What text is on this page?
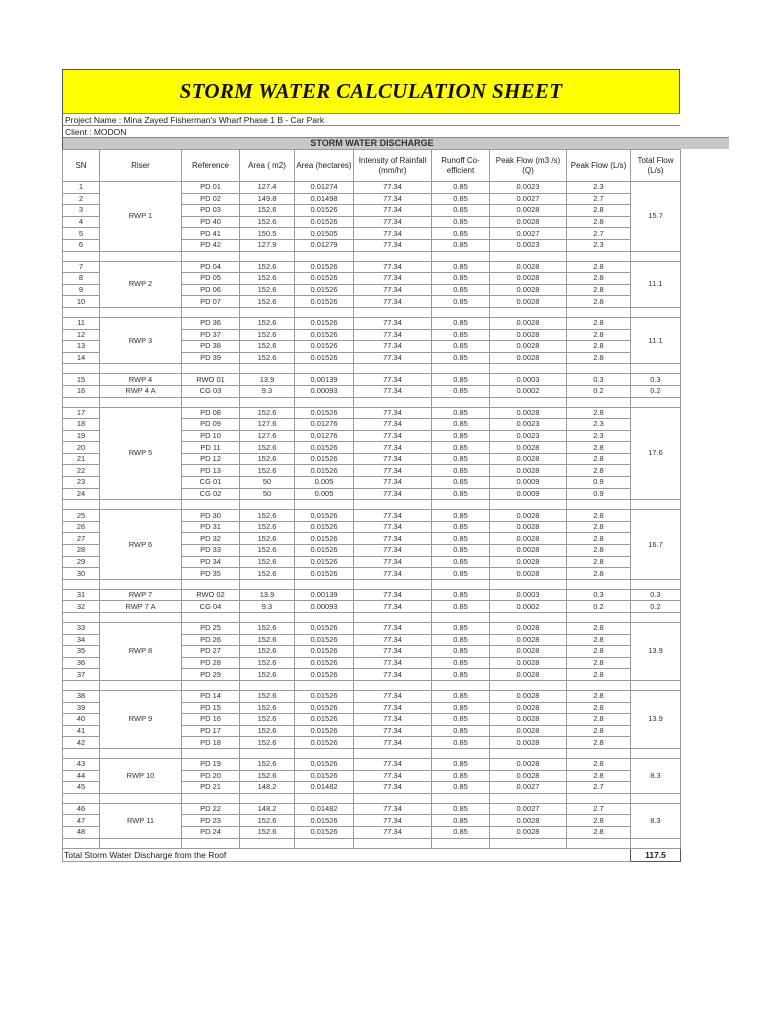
STORM WATER CALCULATION SHEET
Project Name : Mina Zayed Fisherman's Wharf Phase 1 B - Car Park
Client : MODON
STORM WATER DISCHARGE
SN	Riser	Reference	Area ( m2)	Area (hectares)	Intensity of Rainfall (mm/hr)	Runoff Co-efficient	Peak Flow (m3 /s) (Q)	Peak Flow (L/s)	Total Flow (L/s)
1	RWP 1	PD 01	127.4	0.01274	77.34	0.85	0.0023	2.3	15.7
2		PD 02	149.8	0.01498	77.34	0.85	0.0027	2.7	
3		PD 03	152.6	0.01526	77.34	0.85	0.0028	2.8	
4		PD 40	152.6	0.01526	77.34	0.85	0.0028	2.8	
5		PD 41	150.5	0.01505	77.34	0.85	0.0027	2.7	
6		PD 42	127.9	0.01279	77.34	0.85	0.0023	2.3	

7	RWP 2	PD 04	152.6	0.01526	77.34	0.85	0.0028	2.8	11.1
8		PD 05	152.6	0.01526	77.34	0.85	0.0028	2.8	
9		PD 06	152.6	0.01526	77.34	0.85	0.0028	2.8	
10		PD 07	152.6	0.01526	77.34	0.85	0.0028	2.8	

11	RWP 3	PD 36	152.6	0.01526	77.34	0.85	0.0028	2.8	11.1
12		PD 37	152.6	0.01526	77.34	0.85	0.0028	2.8	
13		PD 38	152.6	0.01526	77.34	0.85	0.0028	2.8	
14		PD 39	152.6	0.01526	77.34	0.85	0.0028	2.8	

15	RWP 4	RWO 01	13.9	0.00139	77.34	0.85	0.0003	0.3	0.3
16	RWP 4 A	CG 03	9.3	0.00093	77.34	0.85	0.0002	0.2	0.2

17	RWP 5	PD 08	152.6	0.01526	77.34	0.85	0.0028	2.8	17.6
18		PD 09	127.6	0.01276	77.34	0.85	0.0023	2.3	
19		PD 10	127.6	0.01276	77.34	0.85	0.0023	2.3	
20		PD 11	152.6	0.01526	77.34	0.85	0.0028	2.8	
21		PD 12	152.6	0.01526	77.34	0.85	0.0028	2.8	
22		PD 13	152.6	0.01526	77.34	0.85	0.0028	2.8	
23		CG 01	50	0.005	77.34	0.85	0.0009	0.9	
24		CG 02	50	0.005	77.34	0.85	0.0009	0.9	

25	RWP 6	PD 30	152.6	0.01526	77.34	0.85	0.0028	2.8	16.7
26		PD 31	152.6	0.01526	77.34	0.85	0.0028	2.8	
27		PD 32	152.6	0.01526	77.34	0.85	0.0028	2.8	
28		PD 33	152.6	0.01526	77.34	0.85	0.0028	2.8	
29		PD 34	152.6	0.01526	77.34	0.85	0.0028	2.8	
30		PD 35	152.6	0.01526	77.34	0.85	0.0028	2.8	

31	RWP 7	RWO 02	13.9	0.00139	77.34	0.85	0.0003	0.3	0.3
32	RWP 7 A	CG 04	9.3	0.00093	77.34	0.85	0.0002	0.2	0.2

33	RWP 8	PD 25	152.6	0.01526	77.34	0.85	0.0028	2.8	13.9
34		PD 26	152.6	0.01526	77.34	0.85	0.0028	2.8	
35		PD 27	152.6	0.01526	77.34	0.85	0.0028	2.8	
36		PD 28	152.6	0.01526	77.34	0.85	0.0028	2.8	
37		PD 29	152.6	0.01526	77.34	0.85	0.0028	2.8	

38	RWP 9	PD 14	152.6	0.01526	77.34	0.85	0.0028	2.8	13.9
39		PD 15	152.6	0.01526	77.34	0.85	0.0028	2.8	
40		PD 16	152.6	0.01526	77.34	0.85	0.0028	2.8	
41		PD 17	152.6	0.01526	77.34	0.85	0.0028	2.8	
42		PD 18	152.6	0.01526	77.34	0.85	0.0028	2.8	

43	RWP 10	PD 19	152.6	0.01526	77.34	0.85	0.0028	2.8	8.3
44		PD 20	152.6	0.01526	77.34	0.85	0.0028	2.8	
45		PD 21	148.2	0.01482	77.34	0.85	0.0027	2.7	

46	RWP 11	PD 22	148.2	0.01482	77.34	0.85	0.0027	2.7	8.3
47		PD 23	152.6	0.01526	77.34	0.85	0.0028	2.8	
48		PD 24	152.6	0.01526	77.34	0.85	0.0028	2.8	

Total Storm Water Discharge from the Roof									117.5
